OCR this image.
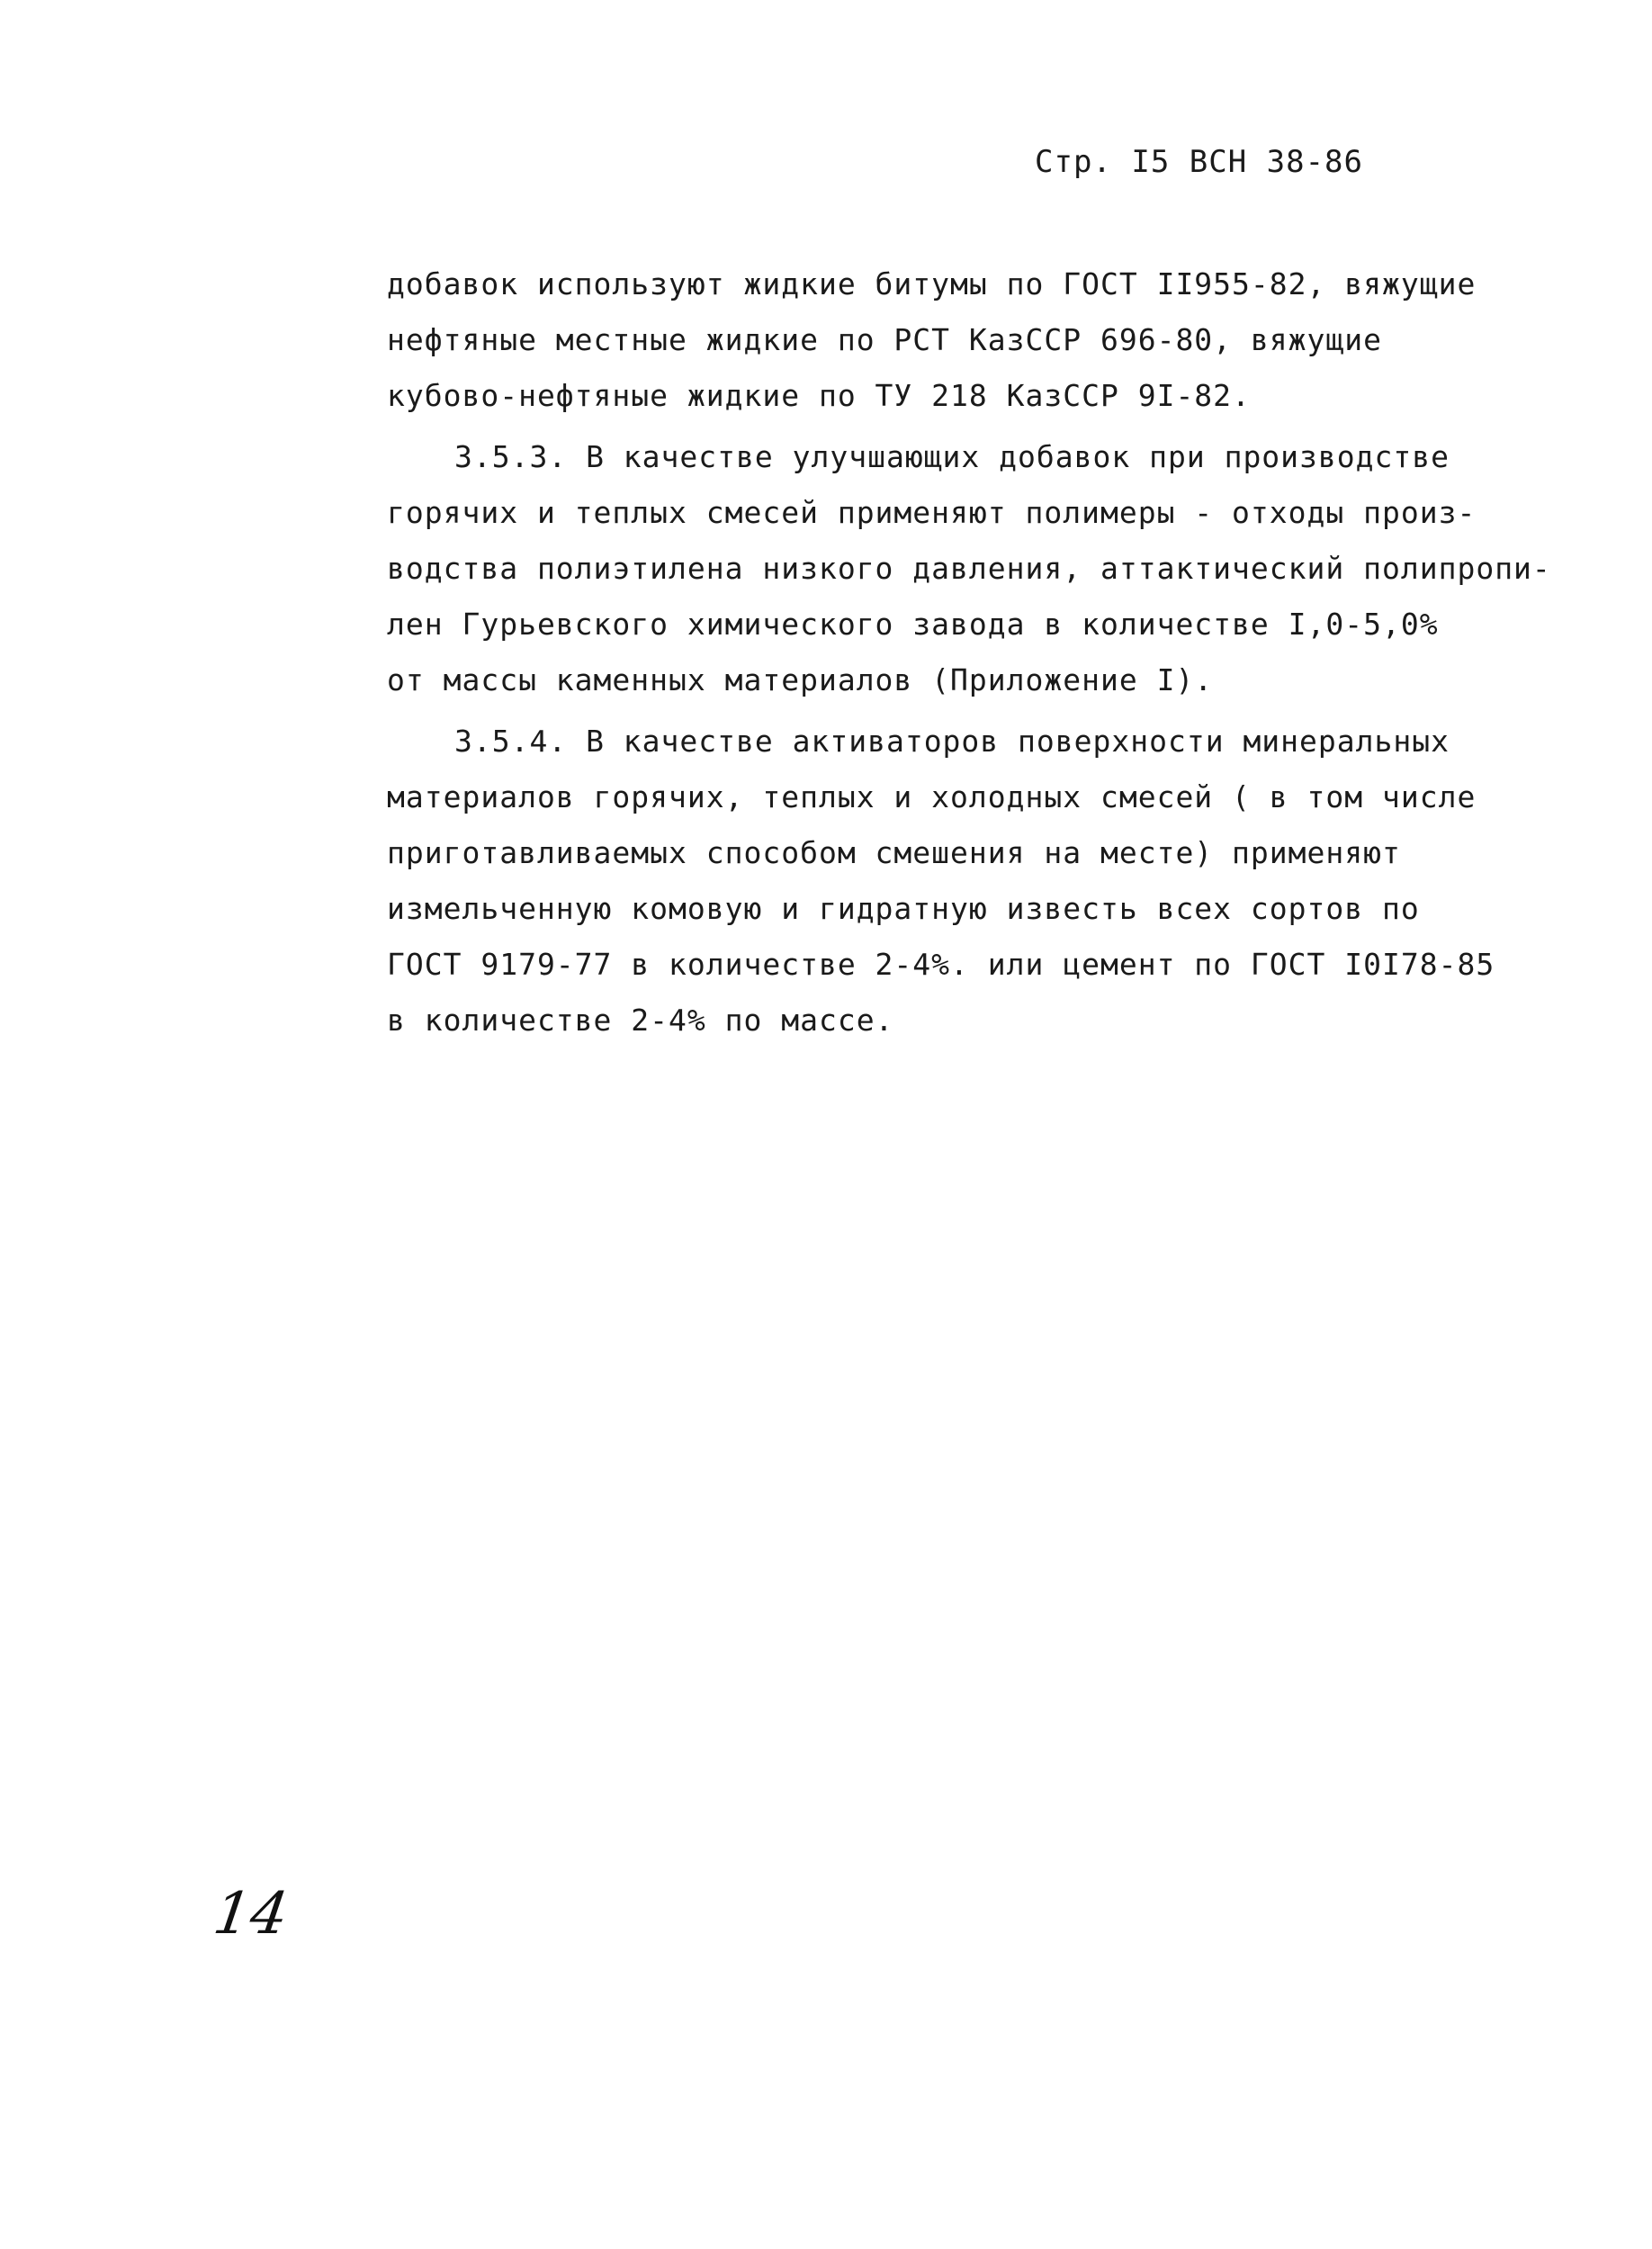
Стр. I5 ВСН 38-86
добавок используют жидкие битумы по ГОСТ II955-82, вяжущие
нефтяные местные жидкие по РСТ КазССР 696-80, вяжущие
кубово-нефтяные жидкие по ТУ 218 КазССР 9I-82.
3.5.3. В качестве улучшающих добавок при производстве
горячих и теплых смесей применяют полимеры - отходы произ-
водства полиэтилена низкого давления, аттактический полипропи-
лен Гурьевского химического завода в количестве I,0-5,0%
от массы каменных материалов (Приложение I).
3.5.4. В качестве активаторов поверхности минеральных
материалов горячих, теплых и холодных смесей ( в том числе
приготавливаемых способом смешения на месте) применяют
измельченную комовую и гидратную известь всех сортов по
ГОСТ 9179-77 в количестве 2-4%. или цемент по ГОСТ I0I78-85
в количестве 2-4% по массе.
14
